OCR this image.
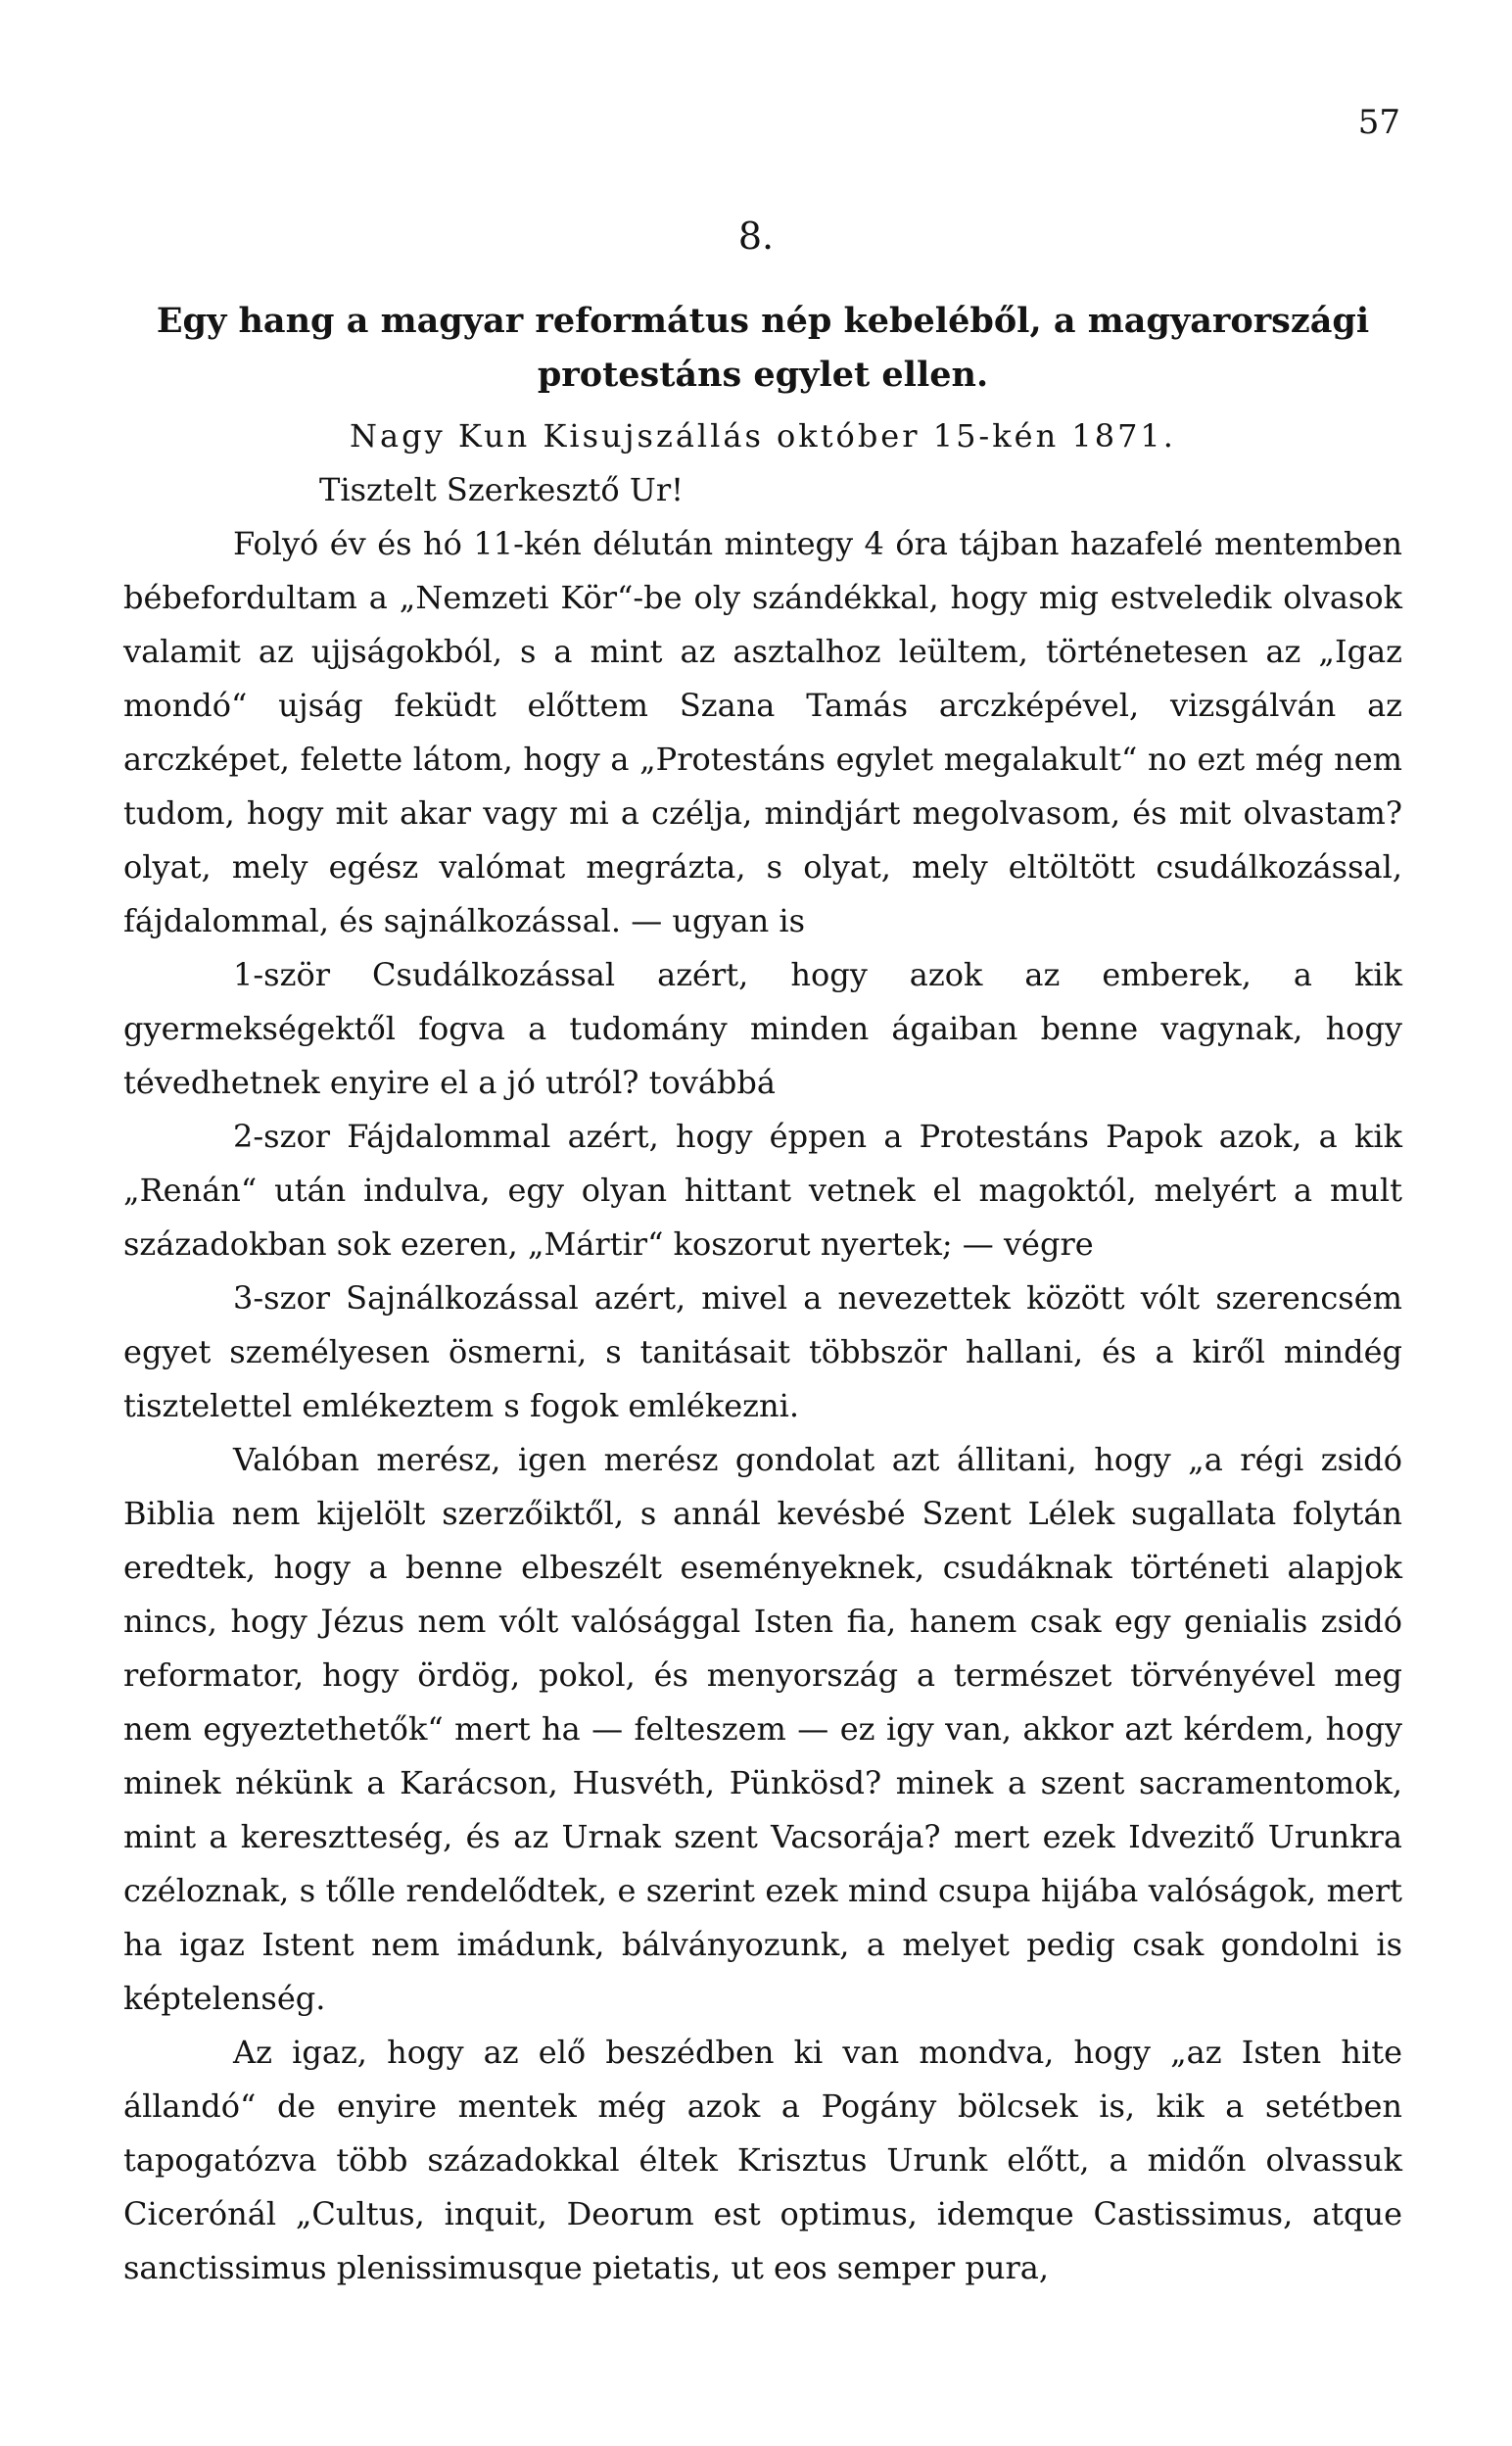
57
8.
Egy hang a magyar református nép kebeléből, a magyarországi protestáns egylet ellen.

Nagy Kun Kisujszállás október 15-kén 1871.

Tisztelt Szerkesztő Ur!

Folyó év és hó 11-kén délután mintegy 4 óra tájban hazafelé mentemben bébefordultam a „Nemzeti Kör“-be oly szándékkal, hogy mig estveledik olvasok valamit az ujjságokból, s a mint az asztalhoz leültem, történetesen az „Igaz mondó“ ujság feküdt előttem Szana Tamás arczképével, vizsgálván az arczképet, felette látom, hogy a „Protestáns egylet megalakult“ no ezt még nem tudom, hogy mit akar vagy mi a czélja, mindjárt megolvasom, és mit olvastam? olyat, mely egész valómat megrázta, s olyat, mely eltöltött csudálkozással, fájdalommal, és sajnálkozással. — ugyan is

1-ször Csudálkozással azért, hogy azok az emberek, a kik gyermekségektől fogva a tudomány minden ágaiban benne vagynak, hogy tévedhetnek enyire el a jó utról? továbbá

2-szor Fájdalommal azért, hogy éppen a Protestáns Papok azok, a kik „Renán“ után indulva, egy olyan hittant vetnek el magoktól, melyért a mult századokban sok ezeren, „Mártir“ koszorut nyertek; — végre

3-szor Sajnálkozással azért, mivel a nevezettek között vólt szerencsém egyet személyesen ösmerni, s tanitásait többször hallani, és a kiről mindég tisztelettel emlékeztem s fogok emlékezni.

Valóban merész, igen merész gondolat azt állitani, hogy „a régi zsidó Biblia nem kijelölt szerzőiktől, s annál kevésbé Szent Lélek sugallata folytán eredtek, hogy a benne elbeszélt eseményeknek, csudáknak történeti alapjok nincs, hogy Jézus nem vólt valósággal Isten fia, hanem csak egy genialis zsidó reformator, hogy ördög, pokol, és menyország a természet törvényével meg nem egyeztethetők“ mert ha — felteszem — ez igy van, akkor azt kérdem, hogy minek nékünk a Karácson, Husvéth, Pünkösd? minek a szent sacramentomok, mint a keresztteség, és az Urnak szent Vacsorája? mert ezek Idvezitő Urunkra czéloznak, s tőlle rendelődtek, e szerint ezek mind csupa hijába valóságok, mert ha igaz Istent nem imádunk, bálványozunk, a melyet pedig csak gondolni is képtelenség.

Az igaz, hogy az elő beszédben ki van mondva, hogy „az Isten hite állandó“ de enyire mentek még azok a Pogány bölcsek is, kik a setétben tapogatózva több századokkal éltek Krisztus Urunk előtt, a midőn olvassuk Cicerónál „Cultus, inquit, Deorum est optimus, idemque Castissimus, atque sanctissimus plenissimusque pietatis, ut eos semper pura,
